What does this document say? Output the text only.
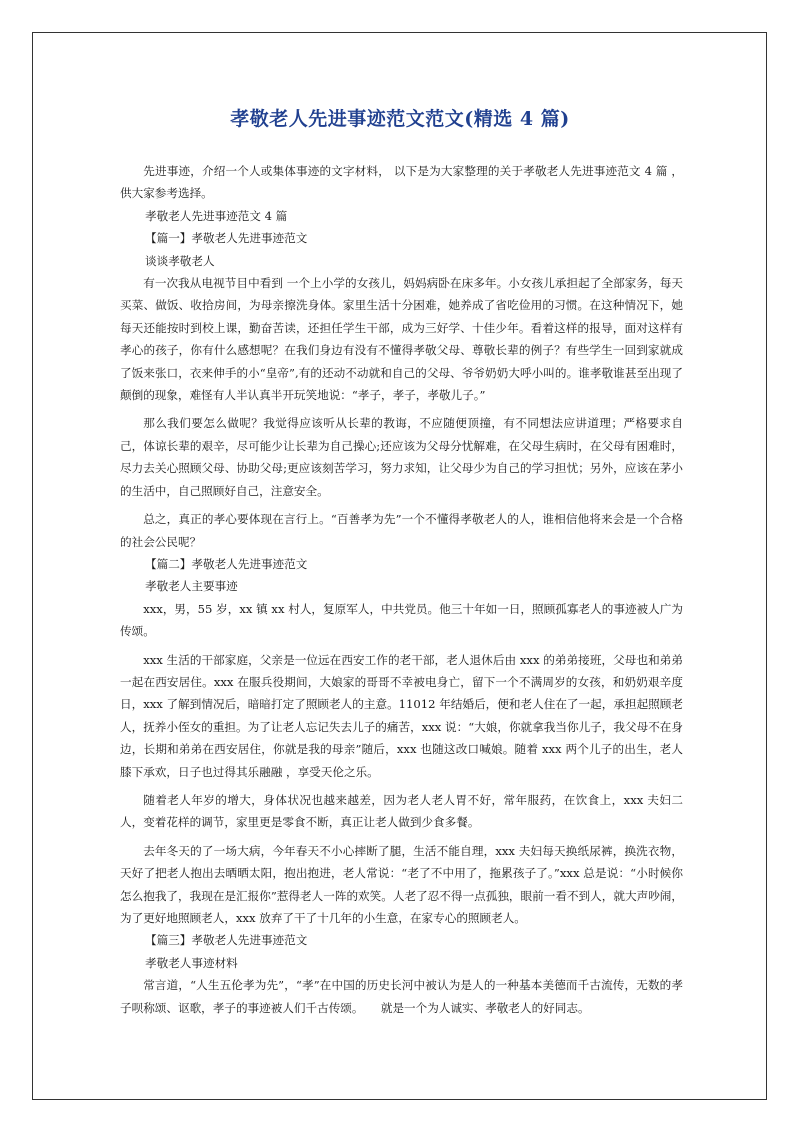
孝敬老人先进事迹范文范文(精选 4 篇)

先进事迹，介绍一个人或集体事迹的文字材料， 以下是为大家整理的关于孝敬老人先进事迹范文 4 篇 ， 供大家参考选择。

孝敬老人先进事迹范文 4 篇

【篇一】孝敬老人先进事迹范文

谈谈孝敬老人

有一次我从电视节目中看到 一个上小学的女孩儿，妈妈病卧在床多年。小女孩儿承担起了全部家务，每天买菜、做饭、收拾房间，为母亲擦洗身体。家里生活十分困难，她养成了省吃俭用的习惯。在这种情况下，她每天还能按时到校上课，勤奋苦读，还担任学生干部，成为三好学、十佳少年。看着这样的报导，面对这样有孝心的孩子，你有什么感想呢？在我们身边有没有不懂得孝敬父母、尊敬长辈的例子？有些学生一回到家就成了饭来张口，衣来伸手的小“皇帝”,有的还动不动就和自己的父母、爷爷奶奶大呼小叫的。谁孝敬谁甚至出现了颠倒的现象，难怪有人半认真半开玩笑地说：“孝子，孝子，孝敬儿子。”

那么我们要怎么做呢？我觉得应该听从长辈的教诲，不应随便顶撞，有不同想法应讲道理；严格要求自己，体谅长辈的艰辛，尽可能少让长辈为自己操心;还应该为父母分忧解难，在父母生病时，在父母有困难时，尽力去关心照顾父母、协助父母;更应该刻苦学习，努力求知，让父母少为自己的学习担忧；另外，应该在茅小的生活中，自己照顾好自己，注意安全。

总之，真正的孝心要体现在言行上。“百善孝为先”一个不懂得孝敬老人的人，谁相信他将来会是一个合格的社会公民呢？

【篇二】孝敬老人先进事迹范文

孝敬老人主要事迹

xxx，男，55 岁，xx 镇 xx 村人，复原军人，中共党员。他三十年如一日，照顾孤寡老人的事迹被人广为传颂。

xxx 生活的干部家庭，父亲是一位远在西安工作的老干部，老人退休后由 xxx 的弟弟接班，父母也和弟弟一起在西安居住。xxx 在服兵役期间，大娘家的哥哥不幸被电身亡，留下一个不满周岁的女孩，和奶奶艰辛度日，xxx 了解到情况后，暗暗打定了照顾老人的主意。11012 年结婚后，便和老人住在了一起，承担起照顾老人，抚养小侄女的重担。为了让老人忘记失去儿子的痛苦，xxx 说：“大娘，你就拿我当你儿子，我父母不在身边，长期和弟弟在西安居住，你就是我的母亲”随后，xxx 也随这改口喊娘。随着 xxx 两个儿子的出生，老人膝下承欢，日子也过得其乐融融 ，享受天伦之乐。

随着老人年岁的增大，身体状况也越来越差，因为老人老人胃不好，常年服药，在饮食上，xxx 夫妇二人，变着花样的调节，家里更是零食不断，真正让老人做到少食多餐。

去年冬天的了一场大病，今年春天不小心摔断了腿，生活不能自理，xxx 夫妇每天换纸尿裤，换洗衣物，天好了把老人抱出去晒晒太阳，抱出抱进，老人常说：“老了不中用了，拖累孩子了。”xxx 总是说：“小时候你怎么抱我了，我现在是汇报你”惹得老人一阵的欢笑。人老了忍不得一点孤独，眼前一看不到人，就大声吵闹，为了更好地照顾老人，xxx 放弃了干了十几年的小生意，在家专心的照顾老人。

【篇三】孝敬老人先进事迹范文

孝敬老人事迹材料

常言道，“人生五伦孝为先”，“孝”在中国的历史长河中被认为是人的一种基本美德而千古流传，无数的孝子呗称颂、讴歌，孝子的事迹被人们千古传颂。　　就是一个为人诚实、孝敬老人的好同志。
